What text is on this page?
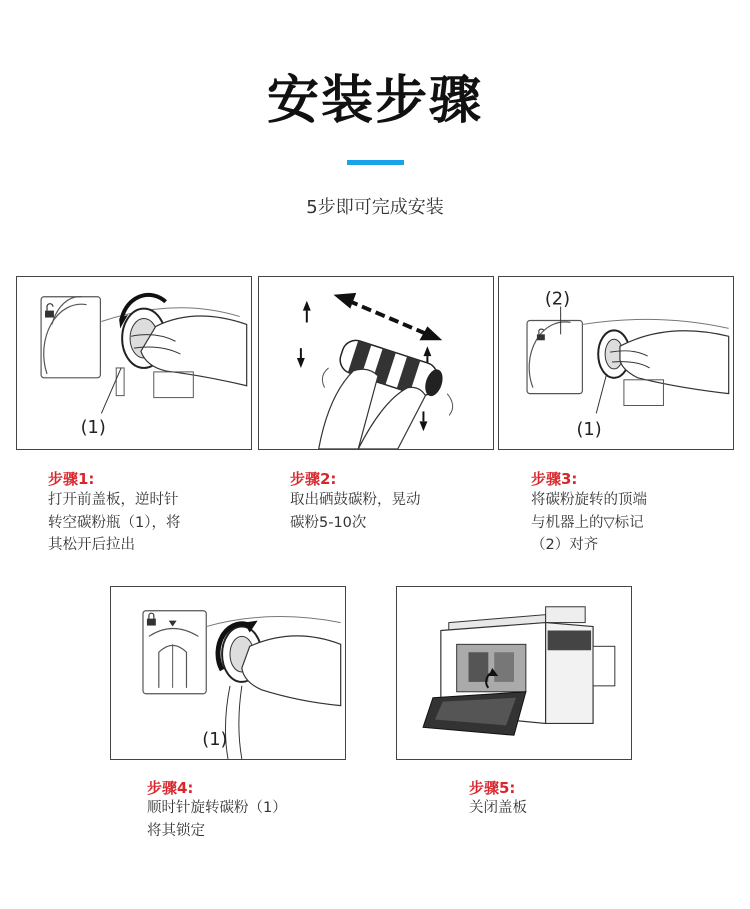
安装步骤
5步即可完成安装
(1)
(2)
(1)
步骤1:
打开前盖板，逆时针
转空碳粉瓶（1），将
其松开后拉出
步骤2:
取出硒鼓碳粉，晃动
碳粉5-10次
步骤3:
将碳粉旋转的顶端
与机器上的▽标记
（2）对齐
(1)
步骤4:
顺时针旋转碳粉（1）
将其锁定
步骤5:
关闭盖板
